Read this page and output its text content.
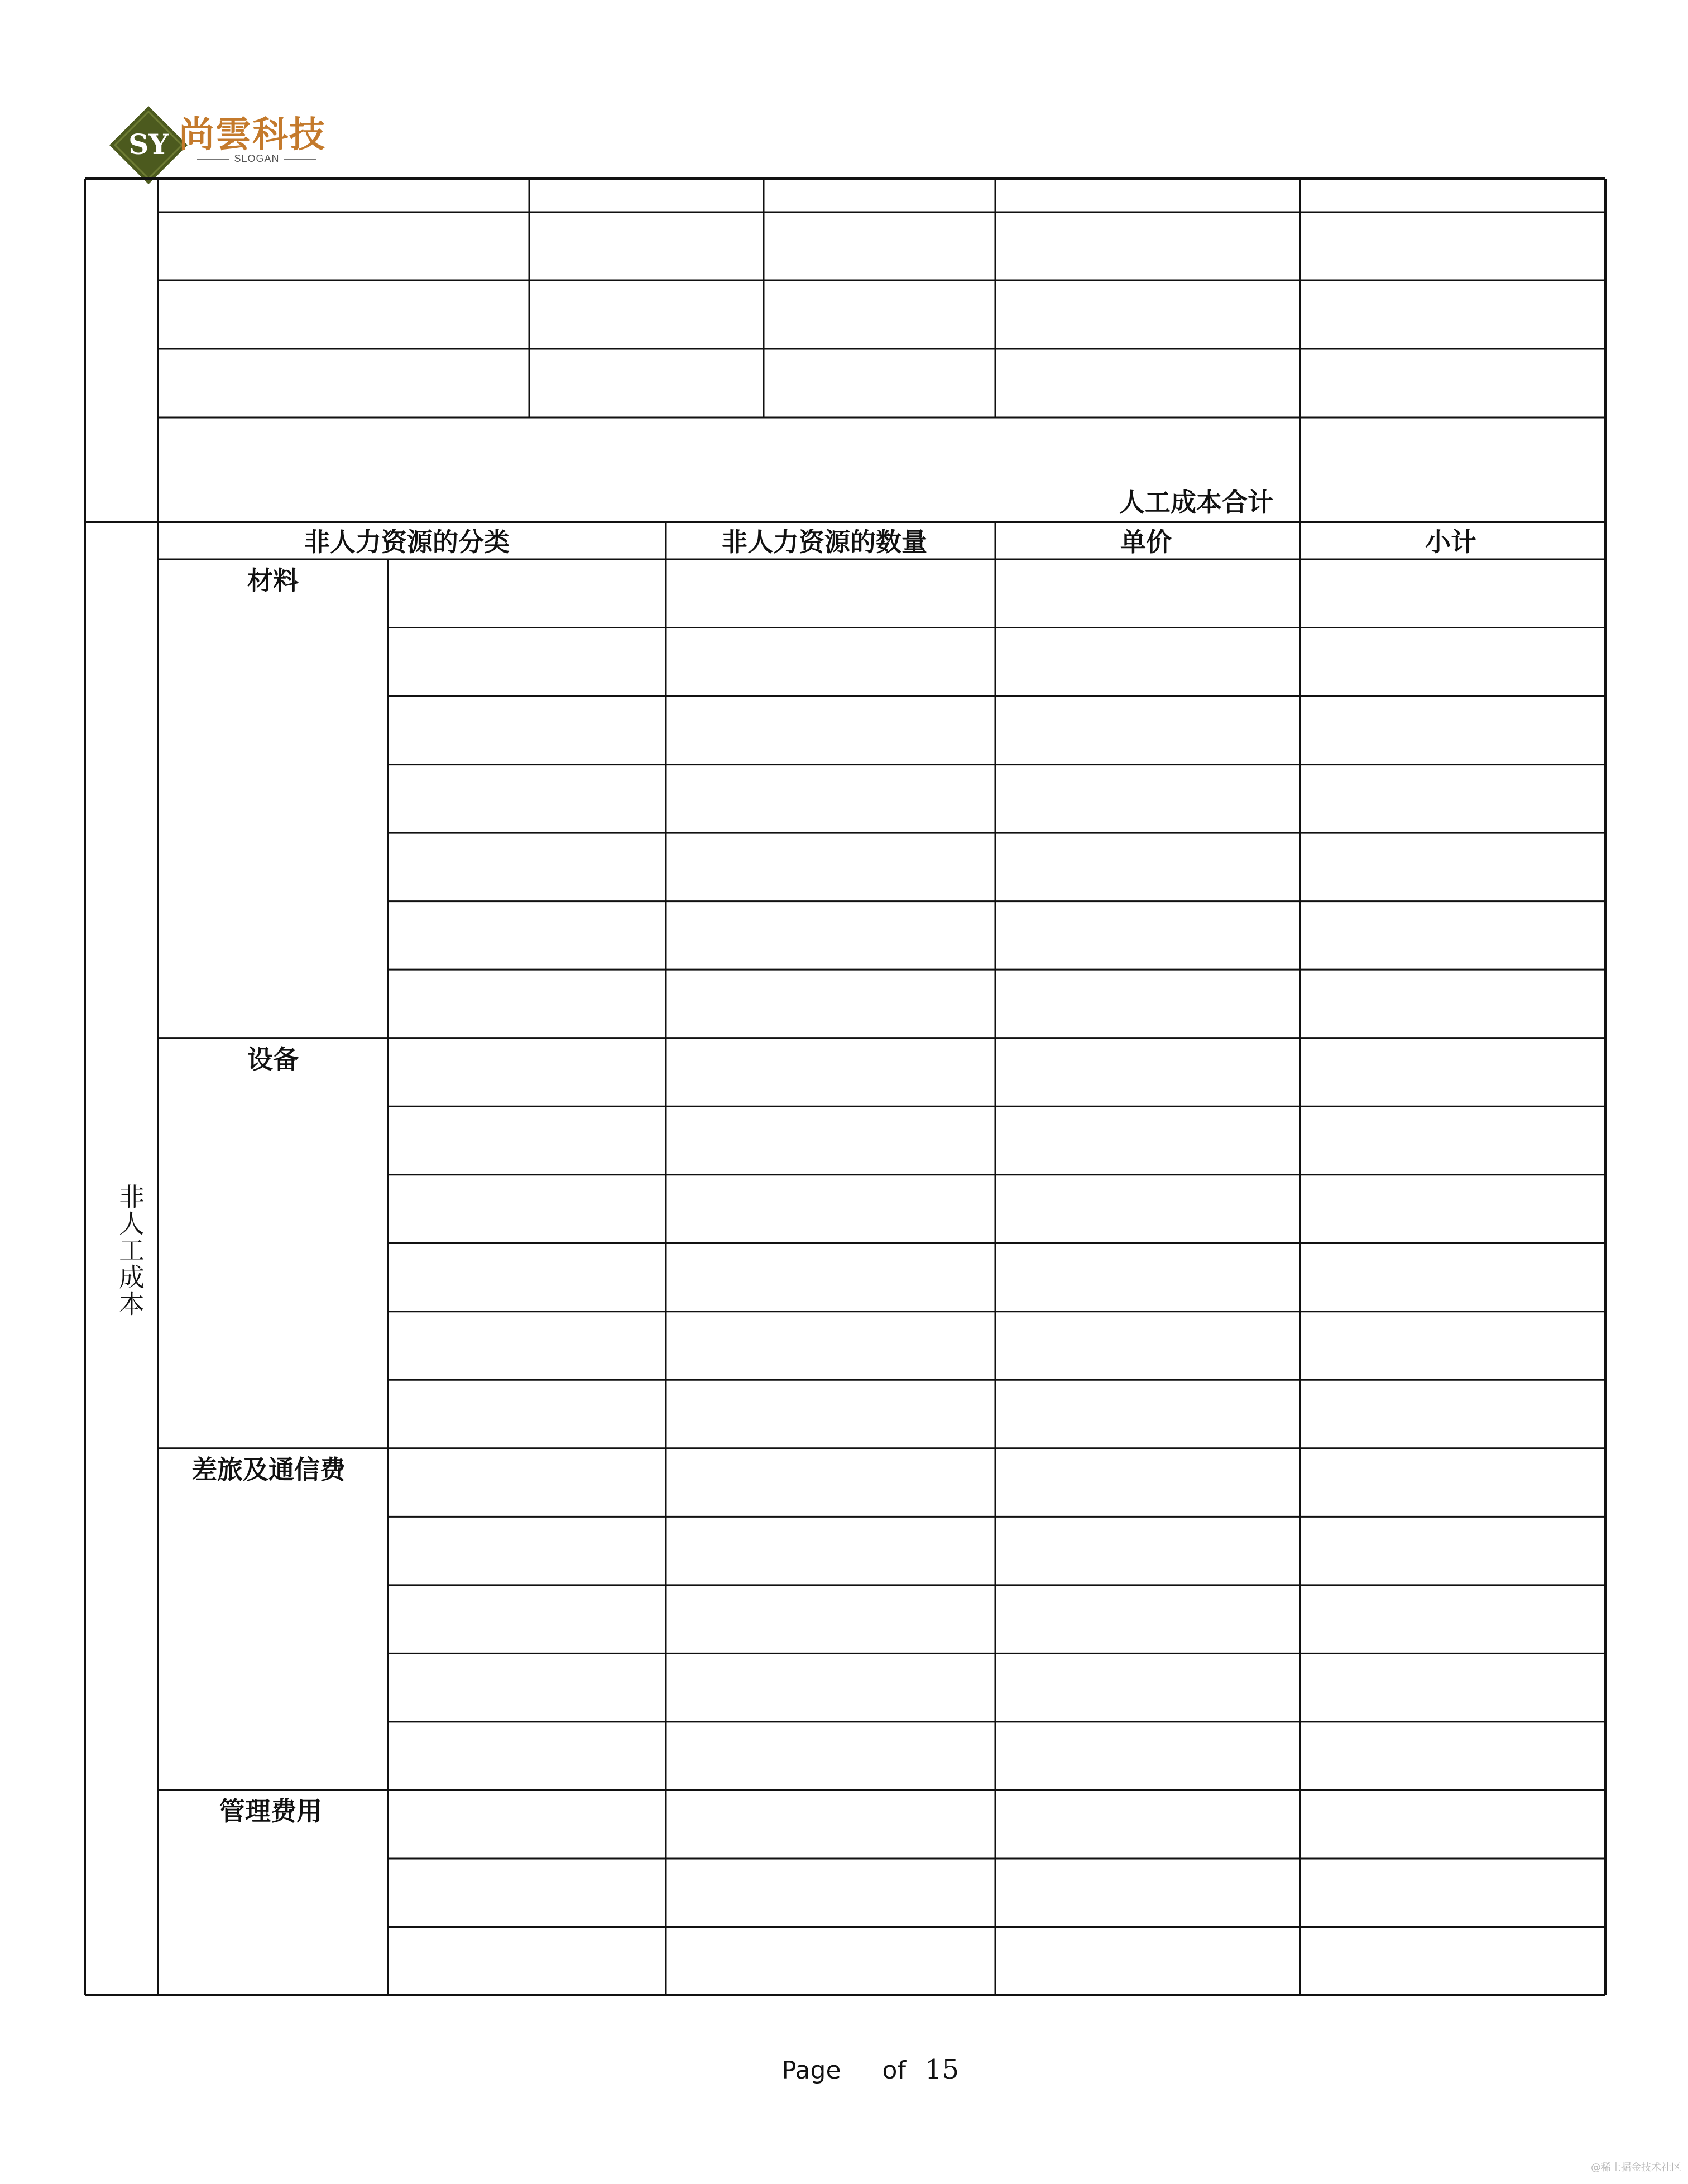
SY 尚雲科技
SLOGAN
人工成本合计
非人工成本
非人力资源的分类	非人力资源的数量	单价	小计
材料
设备
差旅及通信费
管理费用
Page of 15
@稀土掘金技术社区
